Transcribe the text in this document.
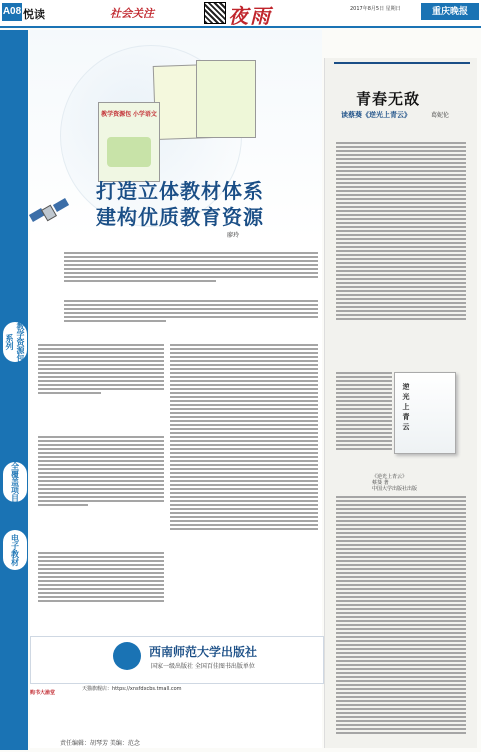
A08 悦读	社会关注	夜雨	2017年8月5日 星期日	重庆晚报
教学资源包系列
全覆盖项目
电子教材
教学资源包 小学语文
打造立体教材体系
建构优质教育资源
廖玲
西南师范大学出版社
国家一级出版社 全国百佳图书出版单位
购书大渝堂
天猫旗舰店：https://xnsfdxcbs.tmall.com
责任编辑：胡琴芳 美编：范念
青春无敌
读蔡葵《逆光上青云》	葛妮伦
逆光上青云
《逆光上青云》
蔡葵 著
中国大学出版社出版
